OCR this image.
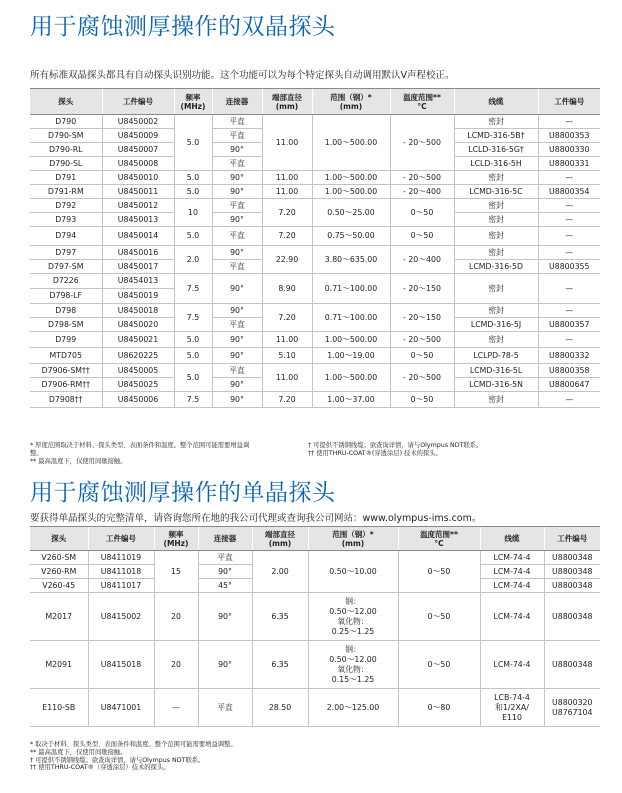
用于腐蚀测厚操作的双晶探头

所有标准双晶探头都具有自动探头识别功能。这个功能可以为每个特定探头自动调用默认V声程校正。

探头	工件编号	频率
(MHz)	连接器	端部直径
(mm)	范围（钢）*
(mm)	温度范围**
°C	线缆	工件编号
D790	U8450002	5.0	平直	11.00	1.00～500.00	- 20～500	密封	—
D790-SM	U8450009		平直				LCMD-316-5B†	U8800353
D790-RL	U8450007		90°				LCLD-316-5G†	U8800330
D790-SL	U8450008		平直				LCLD-316-5H	U8800331
D791	U8450010	5.0	90°	11.00	1.00～500.00	- 20～500	密封	—
D791-RM	U8450011	5.0	90°	11.00	1.00～500.00	- 20～400	LCMD-316-5C	U8800354
D792	U8450012	10	平直	7.20	0.50～25.00	0～50	密封	—
D793	U8450013		90°				密封	—
D794	U8450014	5.0	平直	7.20	0.75～50.00	0～50	密封	—
D797	U8450016	2.0	90°	22.90	3.80～635.00	- 20～400	密封	—
D797-SM	U8450017		平直				LCMD-316-5D	U8800355
D7226	U8454013	7.5	90°	8.90	0.71～100.00	- 20～150	密封	—
D798-LF	U8450019							
D798	U8450018	7.5	90°	7.20	0.71～100.00	- 20～150	密封	—
D798-SM	U8450020		平直				LCMD-316-5J	U8800357
D799	U8450021	5.0	90°	11.00	1.00～500.00	- 20～500	密封	—
MTD705	U8620225	5.0	90°	5.10	1.00～19.00	0～50	LCLPD-78-5	U8800332
D7906-SM††	U8450005	5.0	平直	11.00	1.00～500.00	- 20～500	LCMD-316-5L	U8800358
D7906-RM††	U8450025		90°				LCMD-316-5N	U8800647
D7908††	U8450006	7.5	90°	7.20	1.00～37.00	0～50	密封	—

* 厚度范围取决于材料、探头类型、表面条件和温度。整个范围可能需要增益调

整。

** 最高温度下，仅使用间歇接触。

† 可提供不锈钢线缆；欲查询详情，请与Olympus NDT联系。

†† 使用THRU-COAT®(穿透涂层) 技术的探头。

用于腐蚀测厚操作的单晶探头

要获得单晶探头的完整清单，请咨询您所在地的我公司代理或查询我公司网站：www.olympus-ims.com。

探头	工件编号	频率
(MHz)	连接器	端部直径
(mm)	范围（钢）*
(mm)	温度范围**
°C	线缆	工件编号
V260-SM	U8411019	15	平直	2.00	0.50～10.00	0～50	LCM-74-4	U8800348
V260-RM	U8411018		90°				LCM-74-4	U8800348
V260-45	U8411017		45°				LCM-74-4	U8800348
M2017	U8415002	20	90°	6.35	钢：
0.50～12.00
氧化物：
0.25～1.25	0～50	LCM-74-4	U8800348
M2091	U8415018	20	90°	6.35	钢：
0.50～12.00
氧化物：
0.15～1.25	0～50	LCM-74-4	U8800348
E110-SB	U8471001	—	平直	28.50	2.00～125.00	0～80	LCB-74-4
和1/2XA/
E110	U8800320
U8767104

* 取决于材料、探头类型、表面条件和温度。整个范围可能需要增益调整。

** 最高温度下，仅使用间歇接触。

† 可提供不锈钢线缆；欲查询详情，请与Olympus NDT联系。

†† 使用THRU-COAT®（穿透涂层）技术的探头。
